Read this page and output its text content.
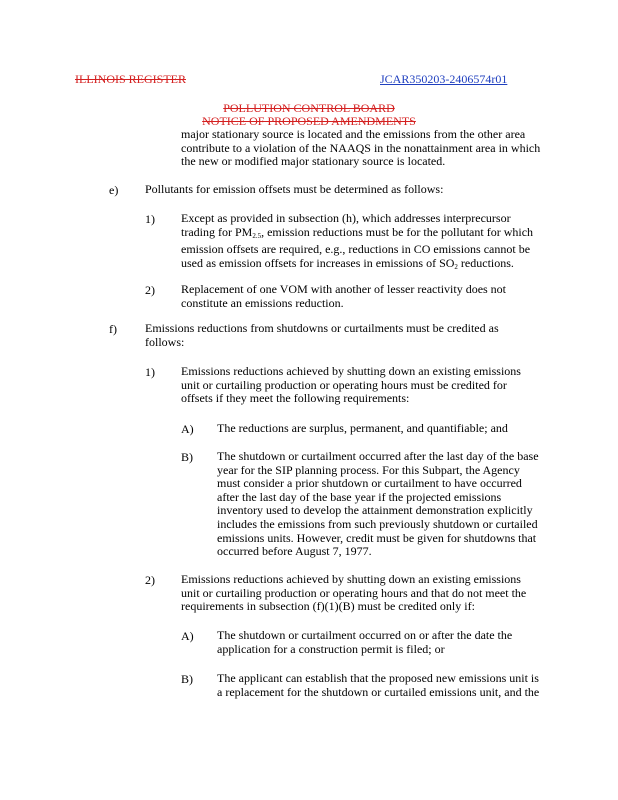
ILLINOIS REGISTER	JCAR350203-2406574r01
POLLUTION CONTROL BOARD
NOTICE OF PROPOSED AMENDMENTS

major stationary source is located and the emissions from the other area

contribute to a violation of the NAAQS in the nonattainment area in which

the new or modified major stationary source is located.

e) Pollutants for emission offsets must be determined as follows:

1) Except as provided in subsection (h), which addresses interprecursor

trading for $PM_{2.5}$, emission reductions must be for the pollutant for which

emission offsets are required, e.g., reductions in CO emissions cannot be

used as emission offsets for increases in emissions of $SO_2$ reductions.

2) Replacement of one VOM with another of lesser reactivity does not

constitute an emissions reduction.

f) Emissions reductions from shutdowns or curtailments must be credited as

follows:

1) Emissions reductions achieved by shutting down an existing emissions

unit or curtailing production or operating hours must be credited for

offsets if they meet the following requirements:

A) The reductions are surplus, permanent, and quantifiable; and

B) The shutdown or curtailment occurred after the last day of the base

year for the SIP planning process. For this Subpart, the Agency

must consider a prior shutdown or curtailment to have occurred

after the last day of the base year if the projected emissions

inventory used to develop the attainment demonstration explicitly

includes the emissions from such previously shutdown or curtailed

emissions units. However, credit must be given for shutdowns that

occurred before August 7, 1977.

2) Emissions reductions achieved by shutting down an existing emissions

unit or curtailing production or operating hours and that do not meet the

requirements in subsection (f)(1)(B) must be credited only if:

A) The shutdown or curtailment occurred on or after the date the

application for a construction permit is filed; or

B) The applicant can establish that the proposed new emissions unit is

a replacement for the shutdown or curtailed emissions unit, and the
